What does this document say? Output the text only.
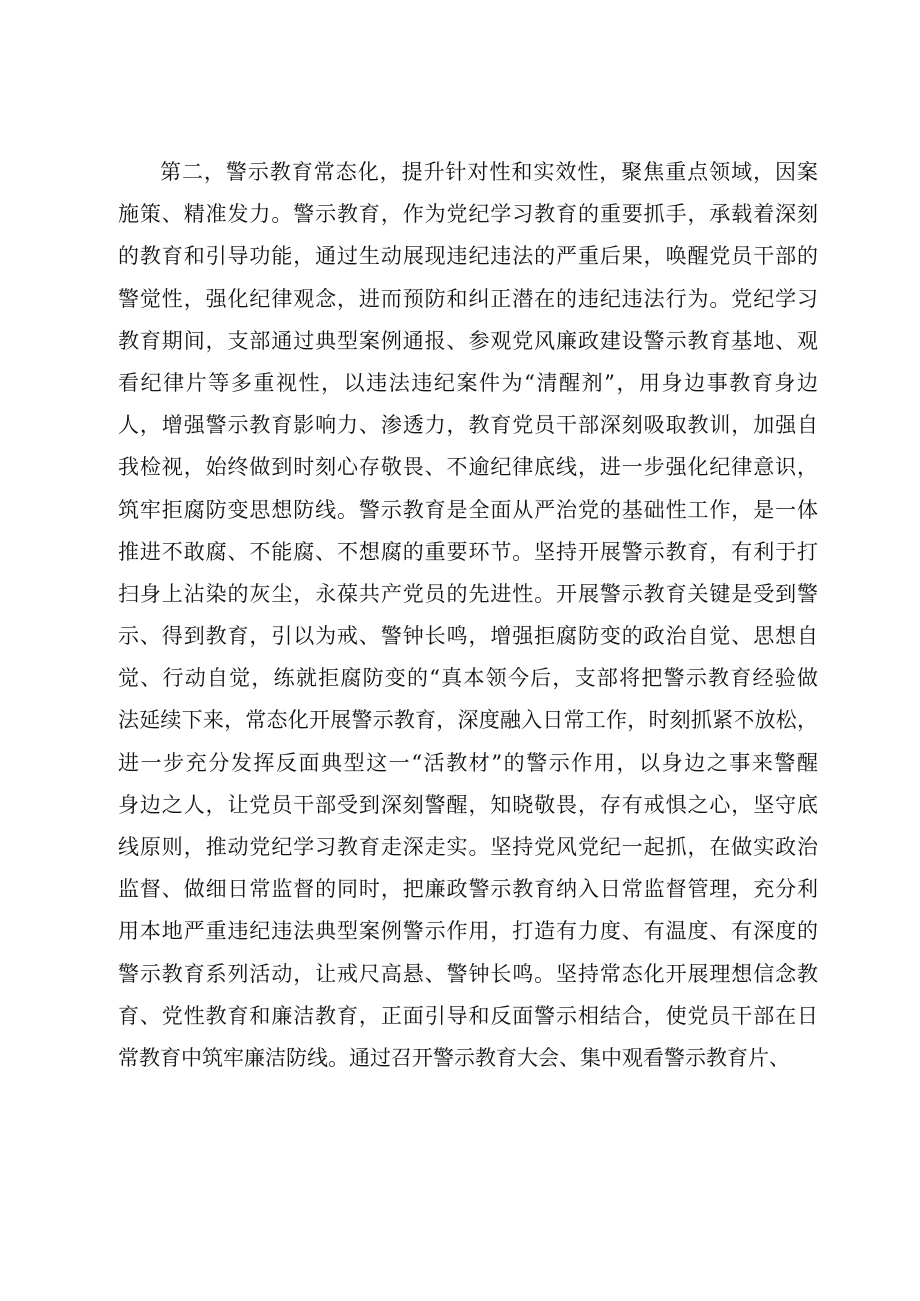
第二，警示教育常态化，提升针对性和实效性，聚焦重点领域，因案
施策、精准发力。警示教育，作为党纪学习教育的重要抓手，承载着深刻
的教育和引导功能，通过生动展现违纪违法的严重后果，唤醒党员干部的
警觉性，强化纪律观念，进而预防和纠正潜在的违纪违法行为。党纪学习
教育期间，支部通过典型案例通报、参观党风廉政建设警示教育基地、观
看纪律片等多重视性，以违法违纪案件为“清醒剂”，用身边事教育身边
人，增强警示教育影响力、渗透力，教育党员干部深刻吸取教训，加强自
我检视，始终做到时刻心存敬畏、不逾纪律底线，进一步强化纪律意识，
筑牢拒腐防变思想防线。警示教育是全面从严治党的基础性工作，是一体
推进不敢腐、不能腐、不想腐的重要环节。坚持开展警示教育，有利于打
扫身上沾染的灰尘，永葆共产党员的先进性。开展警示教育关键是受到警
示、得到教育，引以为戒、警钟长鸣，增强拒腐防变的政治自觉、思想自
觉、行动自觉，练就拒腐防变的“真本领今后，支部将把警示教育经验做
法延续下来，常态化开展警示教育，深度融入日常工作，时刻抓紧不放松，
进一步充分发挥反面典型这一“活教材”的警示作用，以身边之事来警醒
身边之人，让党员干部受到深刻警醒，知晓敬畏，存有戒惧之心，坚守底
线原则，推动党纪学习教育走深走实。坚持党风党纪一起抓，在做实政治
监督、做细日常监督的同时，把廉政警示教育纳入日常监督管理，充分利
用本地严重违纪违法典型案例警示作用，打造有力度、有温度、有深度的
警示教育系列活动，让戒尺高悬、警钟长鸣。坚持常态化开展理想信念教
育、党性教育和廉洁教育，正面引导和反面警示相结合，使党员干部在日
常教育中筑牢廉洁防线。通过召开警示教育大会、集中观看警示教育片、
